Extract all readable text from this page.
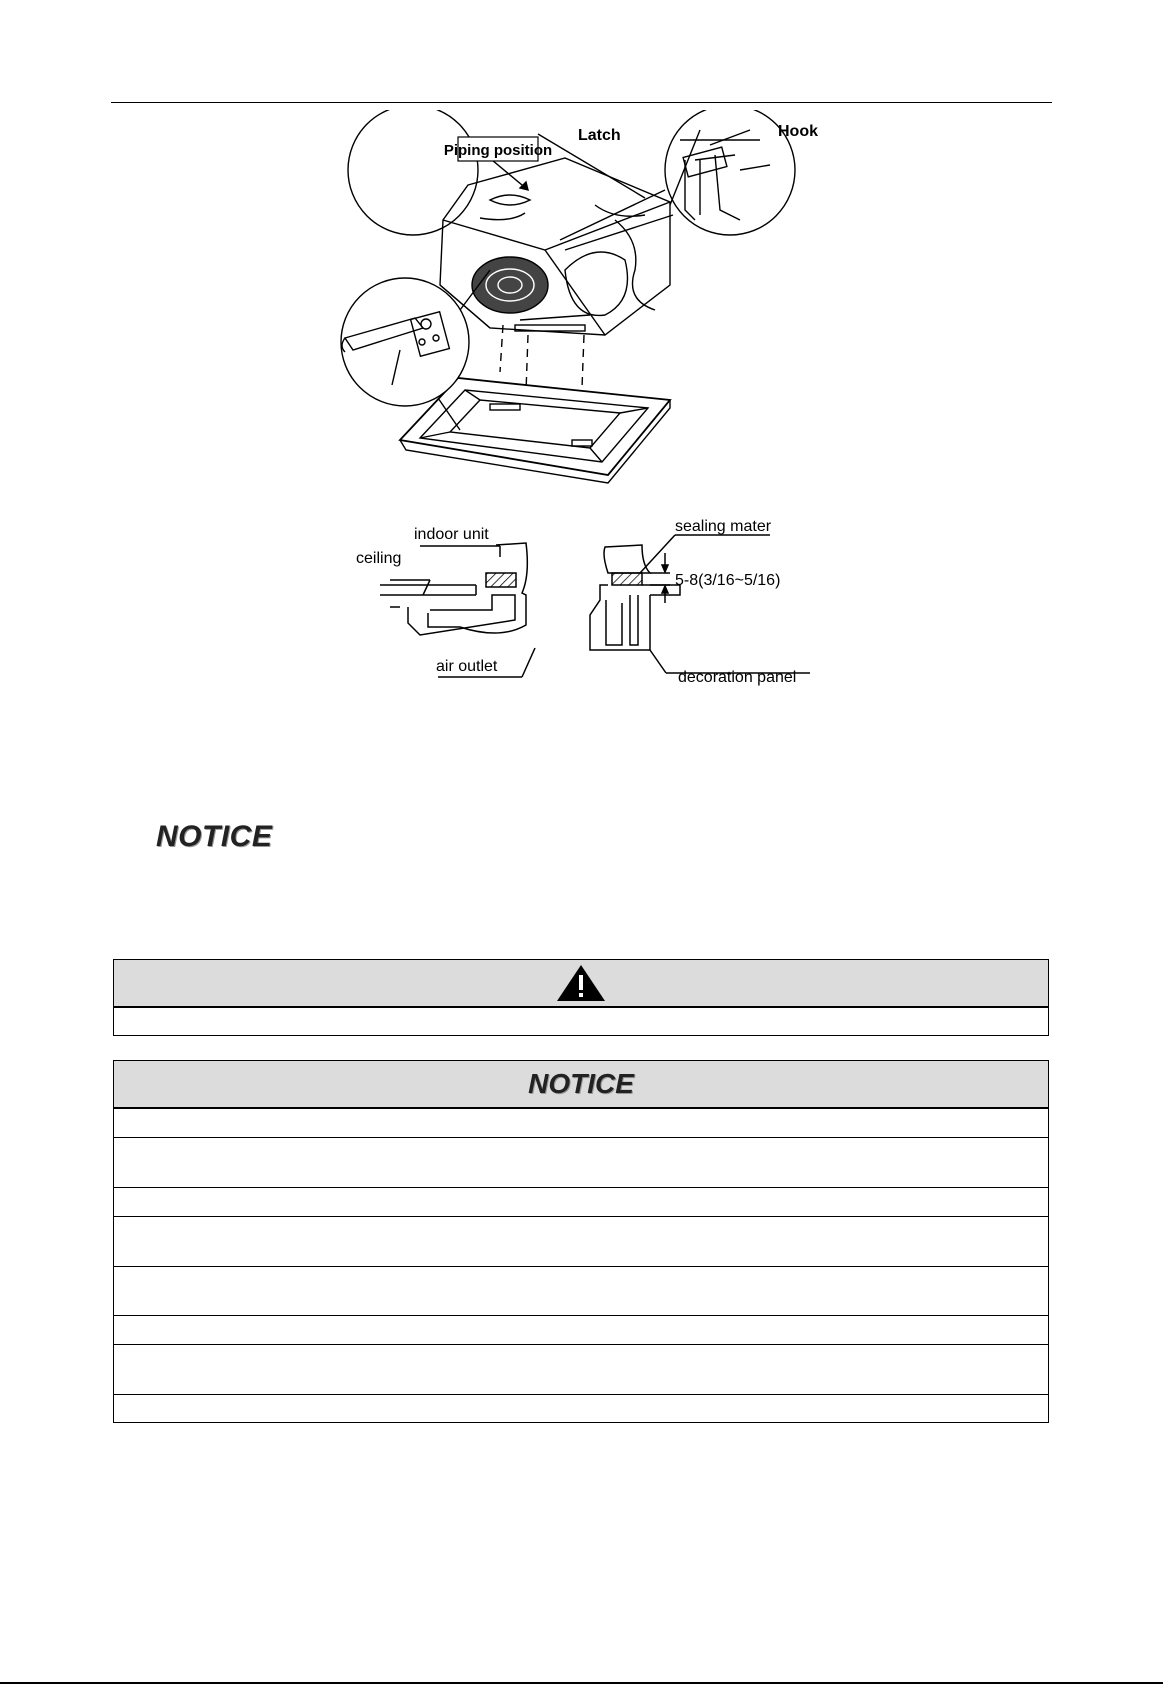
Piping position
Latch	Hook
indoor unit
ceiling
air outlet
sealing mater
5-8(3/16~5/16)
decoration panel
NOTICE
NOTICE
